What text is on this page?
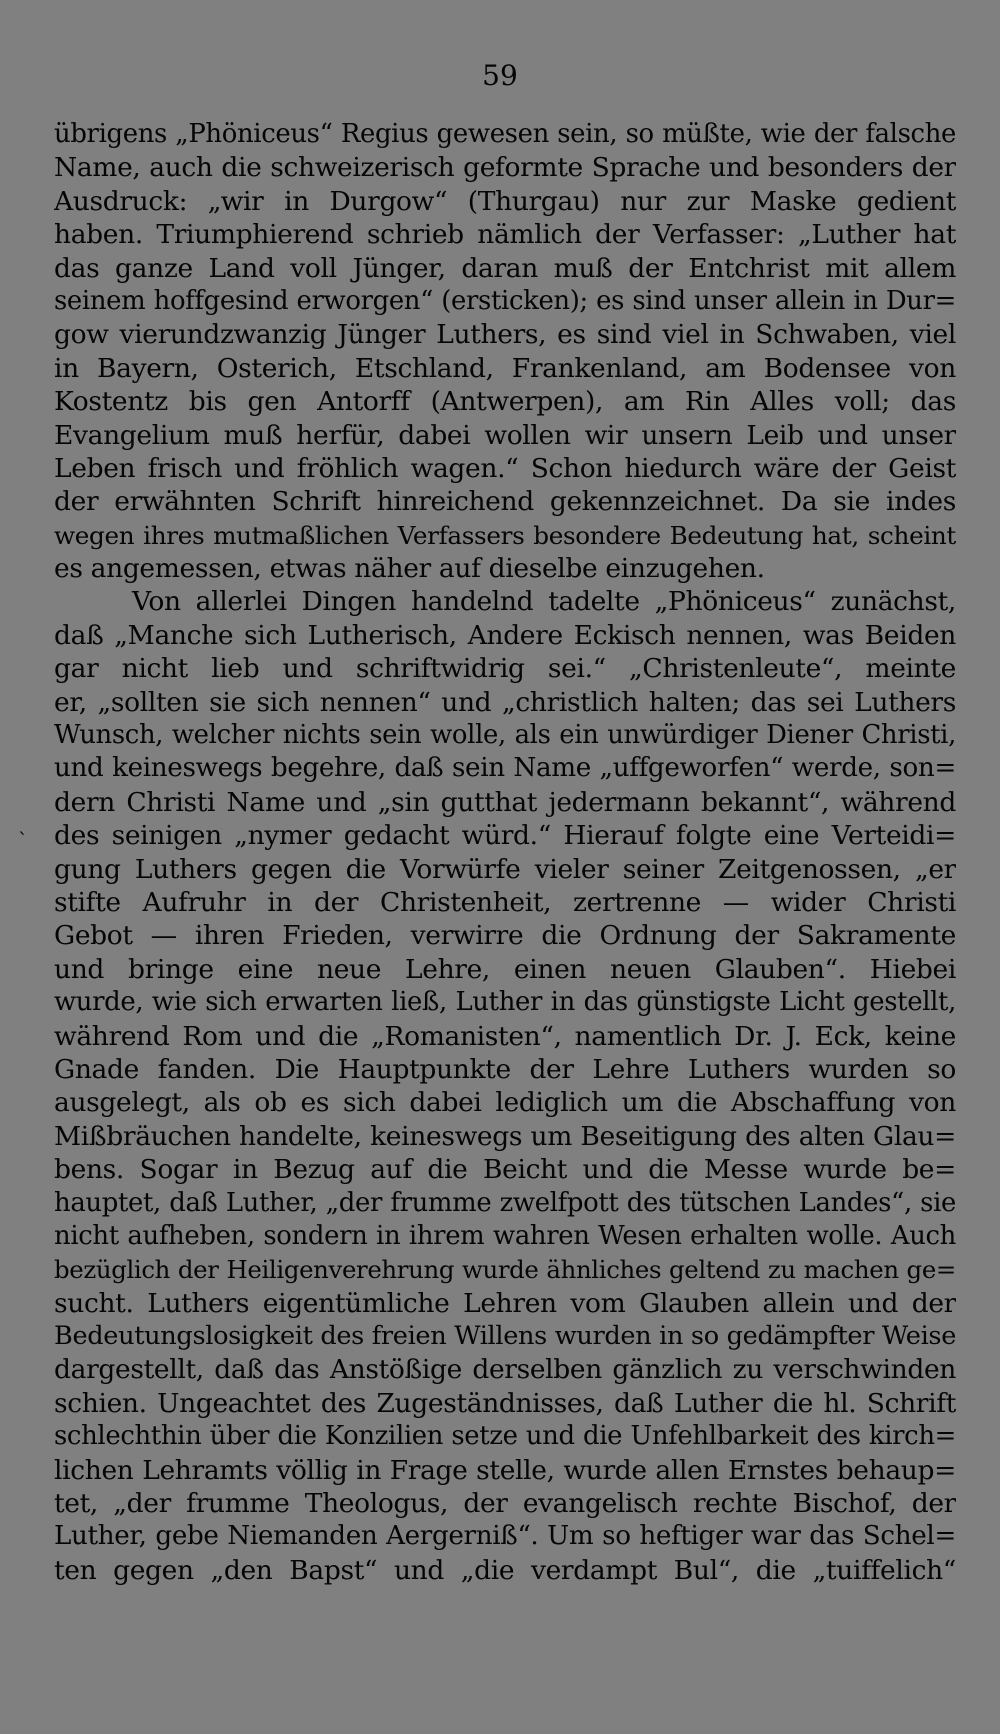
59
`
übrigens „Phöniceus“ Regius gewesen sein, so müßte, wie der falsche
Name, auch die schweizerisch geformte Sprache und besonders der
Ausdruck: „wir in Durgow“ (Thurgau) nur zur Maske gedient
haben. Triumphierend schrieb nämlich der Verfasser: „Luther hat
das ganze Land voll Jünger, daran muß der Entchrist mit allem
seinem hoffgesind erworgen“ (ersticken); es sind unser allein in Dur=
gow vierundzwanzig Jünger Luthers, es sind viel in Schwaben, viel
in Bayern, Osterich, Etschland, Frankenland, am Bodensee von
Kostentz bis gen Antorff (Antwerpen), am Rin Alles voll; das
Evangelium muß herfür, dabei wollen wir unsern Leib und unser
Leben frisch und fröhlich wagen.“ Schon hiedurch wäre der Geist
der erwähnten Schrift hinreichend gekennzeichnet. Da sie indes
wegen ihres mutmaßlichen Verfassers besondere Bedeutung hat, scheint
es angemessen, etwas näher auf dieselbe einzugehen.
Von allerlei Dingen handelnd tadelte „Phöniceus“ zunächst,
daß „Manche sich Lutherisch, Andere Eckisch nennen, was Beiden
gar nicht lieb und schriftwidrig sei.“ „Christenleute“, meinte
er, „sollten sie sich nennen“ und „christlich halten; das sei Luthers
Wunsch, welcher nichts sein wolle, als ein unwürdiger Diener Christi,
und keineswegs begehre, daß sein Name „uffgeworfen“ werde, son=
dern Christi Name und „sin gutthat jedermann bekannt“, während
des seinigen „nymer gedacht würd.“ Hierauf folgte eine Verteidi=
gung Luthers gegen die Vorwürfe vieler seiner Zeitgenossen, „er
stifte Aufruhr in der Christenheit, zertrenne — wider Christi
Gebot — ihren Frieden, verwirre die Ordnung der Sakramente
und bringe eine neue Lehre, einen neuen Glauben“. Hiebei
wurde, wie sich erwarten ließ, Luther in das günstigste Licht gestellt,
während Rom und die „Romanisten“, namentlich Dr. J. Eck, keine
Gnade fanden. Die Hauptpunkte der Lehre Luthers wurden so
ausgelegt, als ob es sich dabei lediglich um die Abschaffung von
Mißbräuchen handelte, keineswegs um Beseitigung des alten Glau=
bens. Sogar in Bezug auf die Beicht und die Messe wurde be=
hauptet, daß Luther, „der frumme zwelfpott des tütschen Landes“, sie
nicht aufheben, sondern in ihrem wahren Wesen erhalten wolle. Auch
bezüglich der Heiligenverehrung wurde ähnliches geltend zu machen ge=
sucht. Luthers eigentümliche Lehren vom Glauben allein und der
Bedeutungslosigkeit des freien Willens wurden in so gedämpfter Weise
dargestellt, daß das Anstößige derselben gänzlich zu verschwinden
schien. Ungeachtet des Zugeständnisses, daß Luther die hl. Schrift
schlechthin über die Konzilien setze und die Unfehlbarkeit des kirch=
lichen Lehramts völlig in Frage stelle, wurde allen Ernstes behaup=
tet, „der frumme Theologus, der evangelisch rechte Bischof, der
Luther, gebe Niemanden Aergerniß“. Um so heftiger war das Schel=
ten gegen „den Bapst“ und „die verdampt Bul“, die „tuiffelich“
